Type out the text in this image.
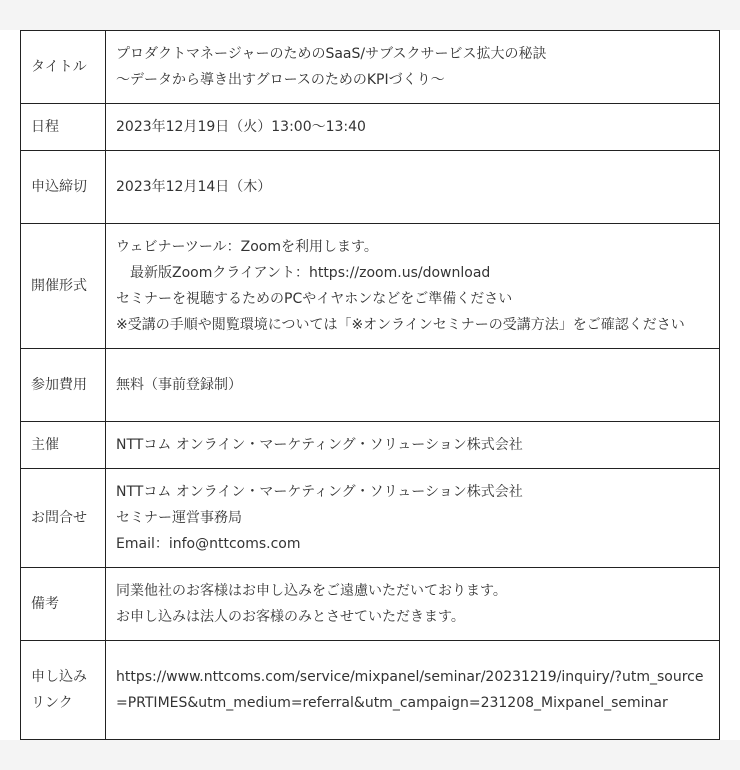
タイトル	プロダクトマネージャーのためのSaaS/サブスクサービス拡大の秘訣
〜データから導き出すグロースのためのKPIづくり〜

日程	2023年12月19日（火）13:00〜13:40

申込締切	2023年12月14日（木）

開催形式	ウェビナーツール：Zoomを利用します。
最新版Zoomクライアント：https://zoom.us/download
セミナーを視聴するためのPCやイヤホンなどをご準備ください
※受講の手順や閲覧環境については「※オンラインセミナーの受講方法」をご確認ください

参加費用	無料（事前登録制）

主催	NTTコム オンライン・マーケティング・ソリューション株式会社

お問合せ	NTTコム オンライン・マーケティング・ソリューション株式会社
セミナー運営事務局
Email：info@nttcoms.com

備考	同業他社のお客様はお申し込みをご遠慮いただいております。
お申し込みは法人のお客様のみとさせていただきます。

申し込みリンク	https://www.nttcoms.com/service/mixpanel/seminar/20231219/inquiry/?utm_source=PRTIMES&utm_medium=referral&utm_campaign=231208_Mixpanel_seminar
